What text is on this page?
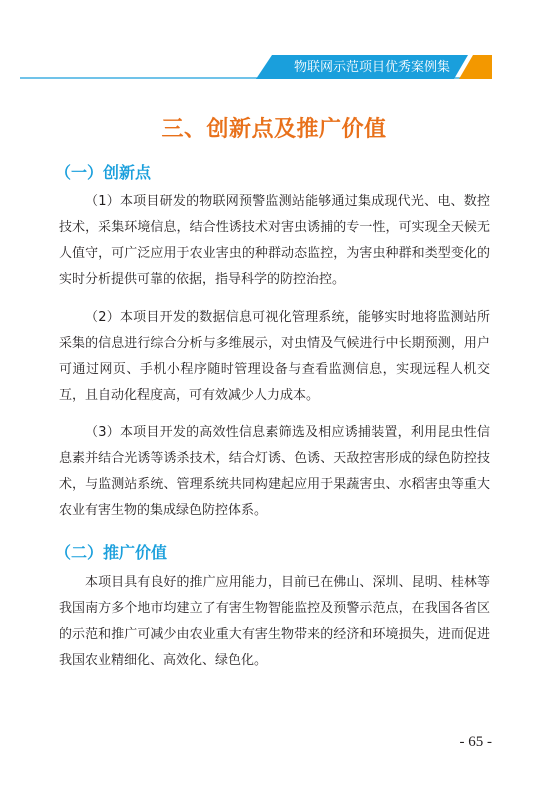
物联网示范项目优秀案例集
三、创新点及推广价值
（一）创新点

（1）本项目研发的物联网预警监测站能够通过集成现代光、电、数控技术，采集环境信息，结合性诱技术对害虫诱捕的专一性，可实现全天候无人值守，可广泛应用于农业害虫的种群动态监控，为害虫种群和类型变化的实时分析提供可靠的依据，指导科学的防控治控。

（2）本项目开发的数据信息可视化管理系统，能够实时地将监测站所采集的信息进行综合分析与多维展示，对虫情及气候进行中长期预测，用户可通过网页、手机小程序随时管理设备与查看监测信息，实现远程人机交互，且自动化程度高，可有效减少人力成本。

（3）本项目开发的高效性信息素筛选及相应诱捕装置，利用昆虫性信息素并结合光诱等诱杀技术，结合灯诱、色诱、天敌控害形成的绿色防控技术，与监测站系统、管理系统共同构建起应用于果蔬害虫、水稻害虫等重大农业有害生物的集成绿色防控体系。

（二）推广价值

本项目具有良好的推广应用能力，目前已在佛山、深圳、昆明、桂林等我国南方多个地市均建立了有害生物智能监控及预警示范点，在我国各省区的示范和推广可减少由农业重大有害生物带来的经济和环境损失，进而促进我国农业精细化、高效化、绿色化。

- 65 -
